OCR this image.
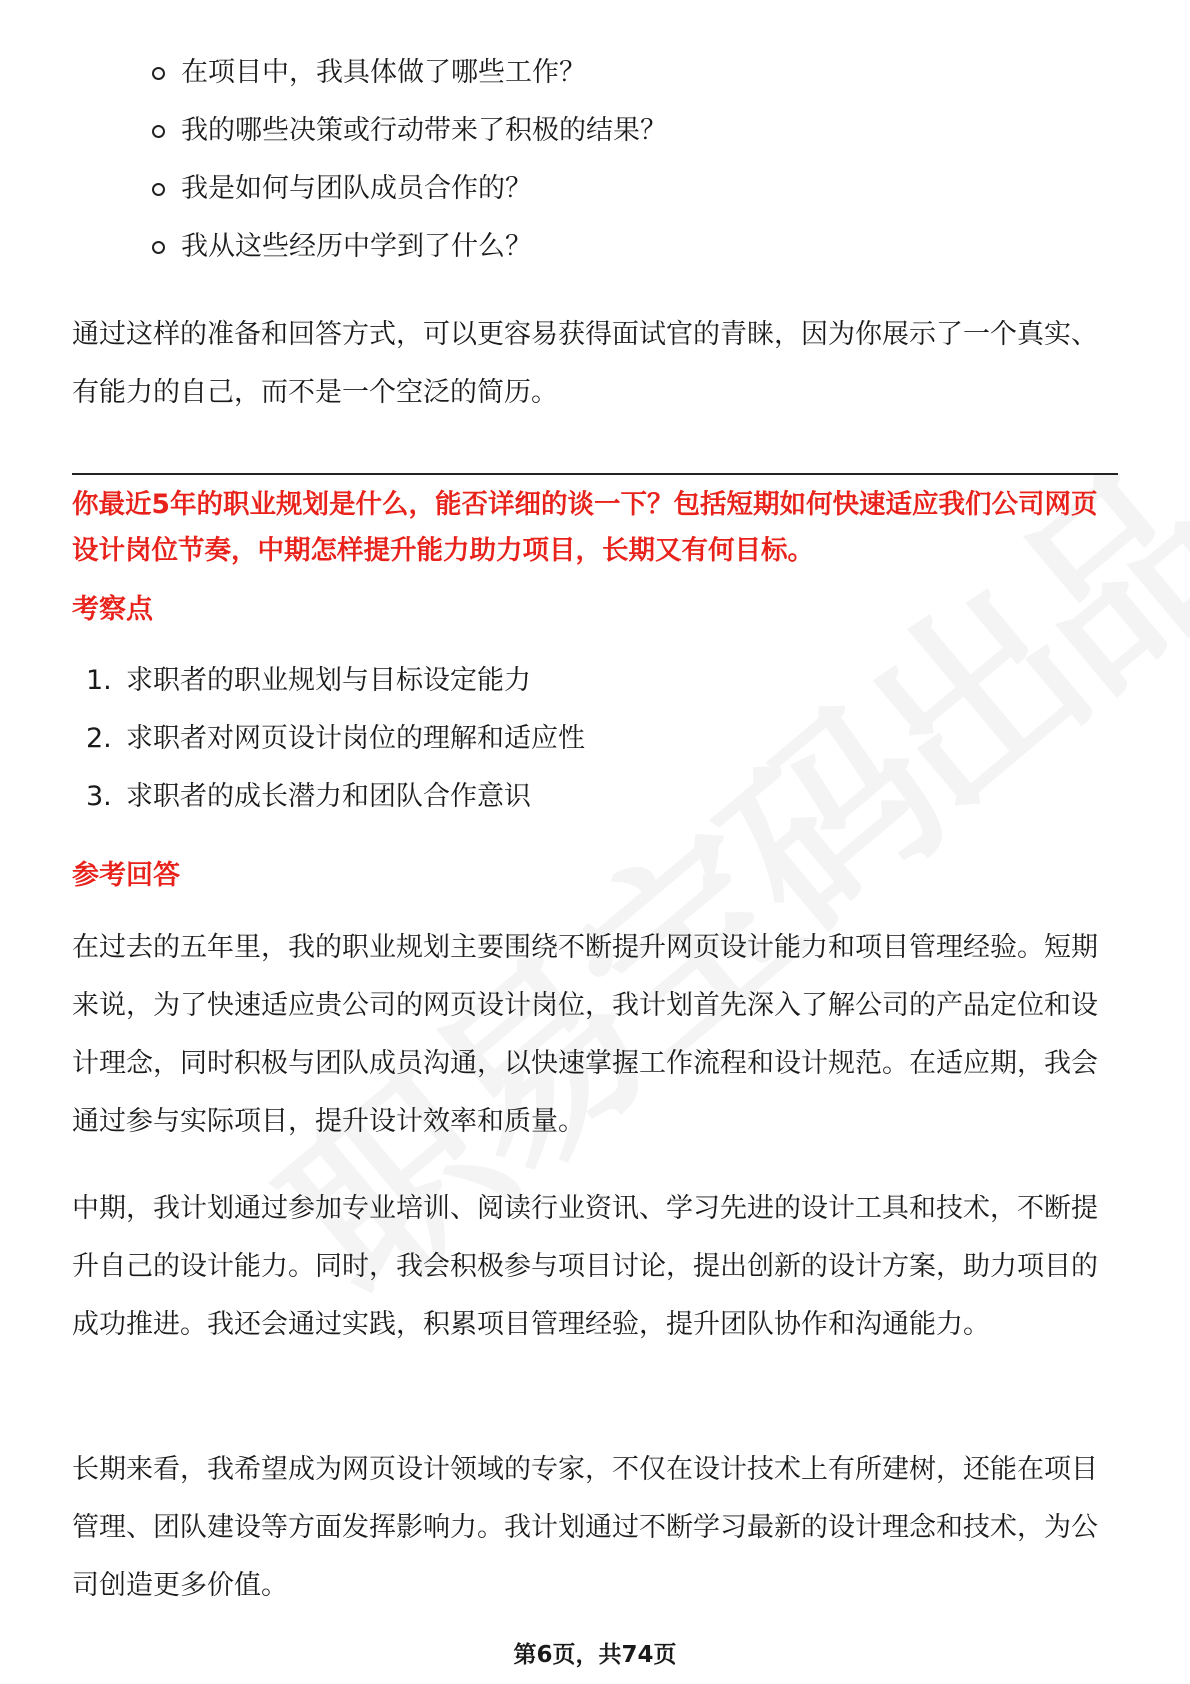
在项目中，我具体做了哪些工作？
我的哪些决策或行动带来了积极的结果？
我是如何与团队成员合作的？
我从这些经历中学到了什么？

通过这样的准备和回答方式，可以更容易获得面试官的青睐，因为你展示了一个真实、有能力的自己，而不是一个空泛的简历。

你最近5年的职业规划是什么，能否详细的谈一下？包括短期如何快速适应我们公司网页设计岗位节奏，中期怎样提升能力助力项目，长期又有何目标。

考察点
1. 求职者的职业规划与目标设定能力
2. 求职者对网页设计岗位的理解和适应性
3. 求职者的成长潜力和团队合作意识
参考回答

在过去的五年里，我的职业规划主要围绕不断提升网页设计能力和项目管理经验。短期来说，为了快速适应贵公司的网页设计岗位，我计划首先深入了解公司的产品定位和设计理念，同时积极与团队成员沟通，以快速掌握工作流程和设计规范。在适应期，我会通过参与实际项目，提升设计效率和质量。

中期，我计划通过参加专业培训、阅读行业资讯、学习先进的设计工具和技术，不断提升自己的设计能力。同时，我会积极参与项目讨论，提出创新的设计方案，助力项目的成功推进。我还会通过实践，积累项目管理经验，提升团队协作和沟通能力。

长期来看，我希望成为网页设计领域的专家，不仅在设计技术上有所建树，还能在项目管理、团队建设等方面发挥影响力。我计划通过不断学习最新的设计理念和技术，为公司创造更多价值。

第6页，共74页
